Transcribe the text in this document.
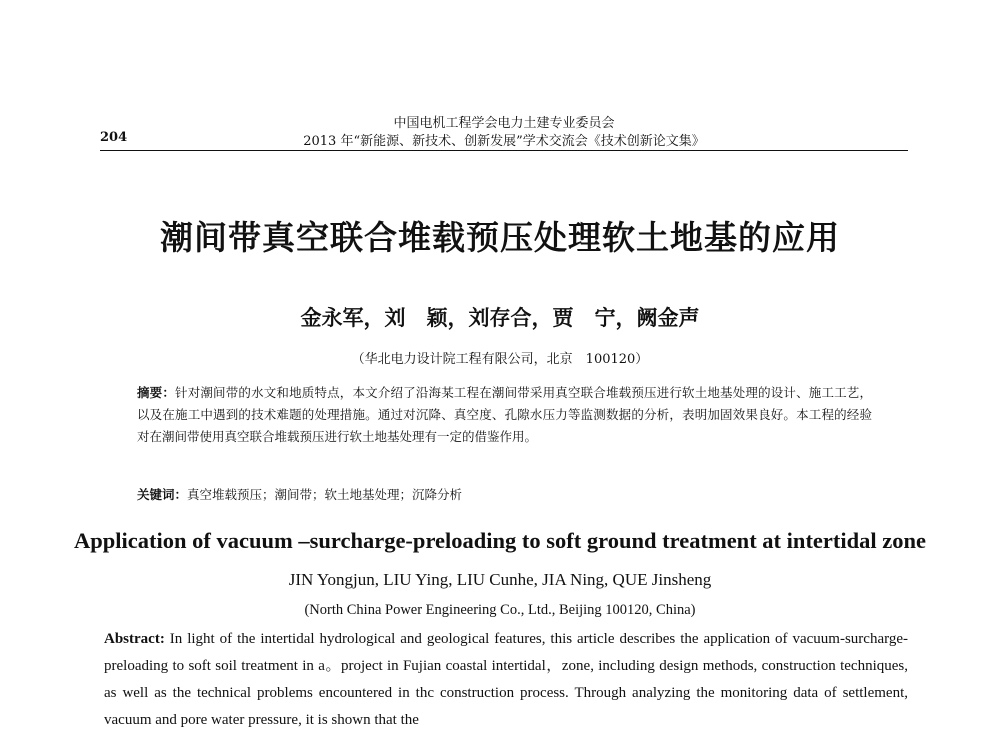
中国电机工程学会电力土建专业委员会
2013 年“新能源、新技术、创新发展”学术交流会《技术创新论文集》
204
潮间带真空联合堆载预压处理软土地基的应用
金永军，刘　颖，刘存合，贾　宁，阙金声
（华北电力设计院工程有限公司，北京　100120）
摘要：针对潮间带的水文和地质特点，本文介绍了沿海某工程在潮间带采用真空联合堆载预压进行软土地基处理的设计、施工工艺，以及在施工中遇到的技术难题的处理措施。通过对沉降、真空度、孔隙水压力等监测数据的分析，表明加固效果良好。本工程的经验对在潮间带使用真空联合堆载预压进行软土地基处理有一定的借鉴作用。
关键词：真空堆载预压；潮间带；软土地基处理；沉降分析
Application of vacuum –surcharge-preloading to soft ground treatment at intertidal zone
JIN Yongjun, LIU Ying, LIU Cunhe, JIA Ning, QUE Jinsheng
(North China Power Engineering Co., Ltd., Beijing 100120, China)
Abstract: In light of the intertidal hydrological and geological features, this article describes the application of vacuum-surcharge- preloading to soft soil treatment in a。project in Fujian coastal intertidal，zone, including design methods, construction techniques, as well as the technical problems encountered in thc construction process. Through analyzing the monitoring data of settlement, vacuum and pore water pressure, it is shown that the
